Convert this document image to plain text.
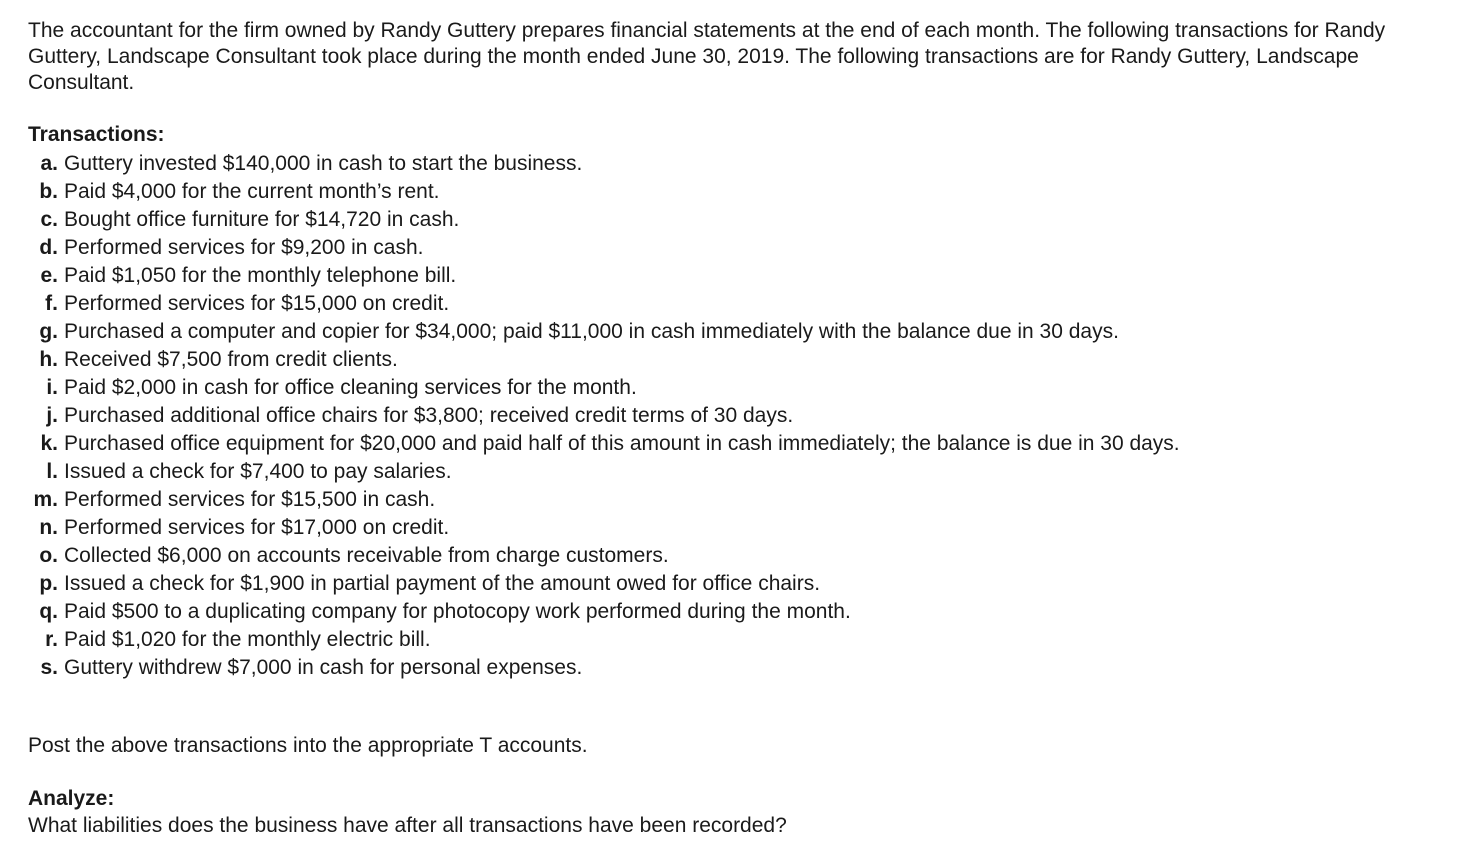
The accountant for the firm owned by Randy Guttery prepares financial statements at the end of each month. The following transactions for Randy Guttery, Landscape Consultant took place during the month ended June 30, 2019. The following transactions are for Randy Guttery, Landscape Consultant.

Transactions:

a. Guttery invested $140,000 in cash to start the business.
b. Paid $4,000 for the current month’s rent.
c. Bought office furniture for $14,720 in cash.
d. Performed services for $9,200 in cash.
e. Paid $1,050 for the monthly telephone bill.
f. Performed services for $15,000 on credit.
g. Purchased a computer and copier for $34,000; paid $11,000 in cash immediately with the balance due in 30 days.
h. Received $7,500 from credit clients.
i. Paid $2,000 in cash for office cleaning services for the month.
j. Purchased additional office chairs for $3,800; received credit terms of 30 days.
k. Purchased office equipment for $20,000 and paid half of this amount in cash immediately; the balance is due in 30 days.
l. Issued a check for $7,400 to pay salaries.
m. Performed services for $15,500 in cash.
n. Performed services for $17,000 on credit.
o. Collected $6,000 on accounts receivable from charge customers.
p. Issued a check for $1,900 in partial payment of the amount owed for office chairs.
q. Paid $500 to a duplicating company for photocopy work performed during the month.
r. Paid $1,020 for the monthly electric bill.
s. Guttery withdrew $7,000 in cash for personal expenses.

Post the above transactions into the appropriate T accounts.

Analyze:

What liabilities does the business have after all transactions have been recorded?
